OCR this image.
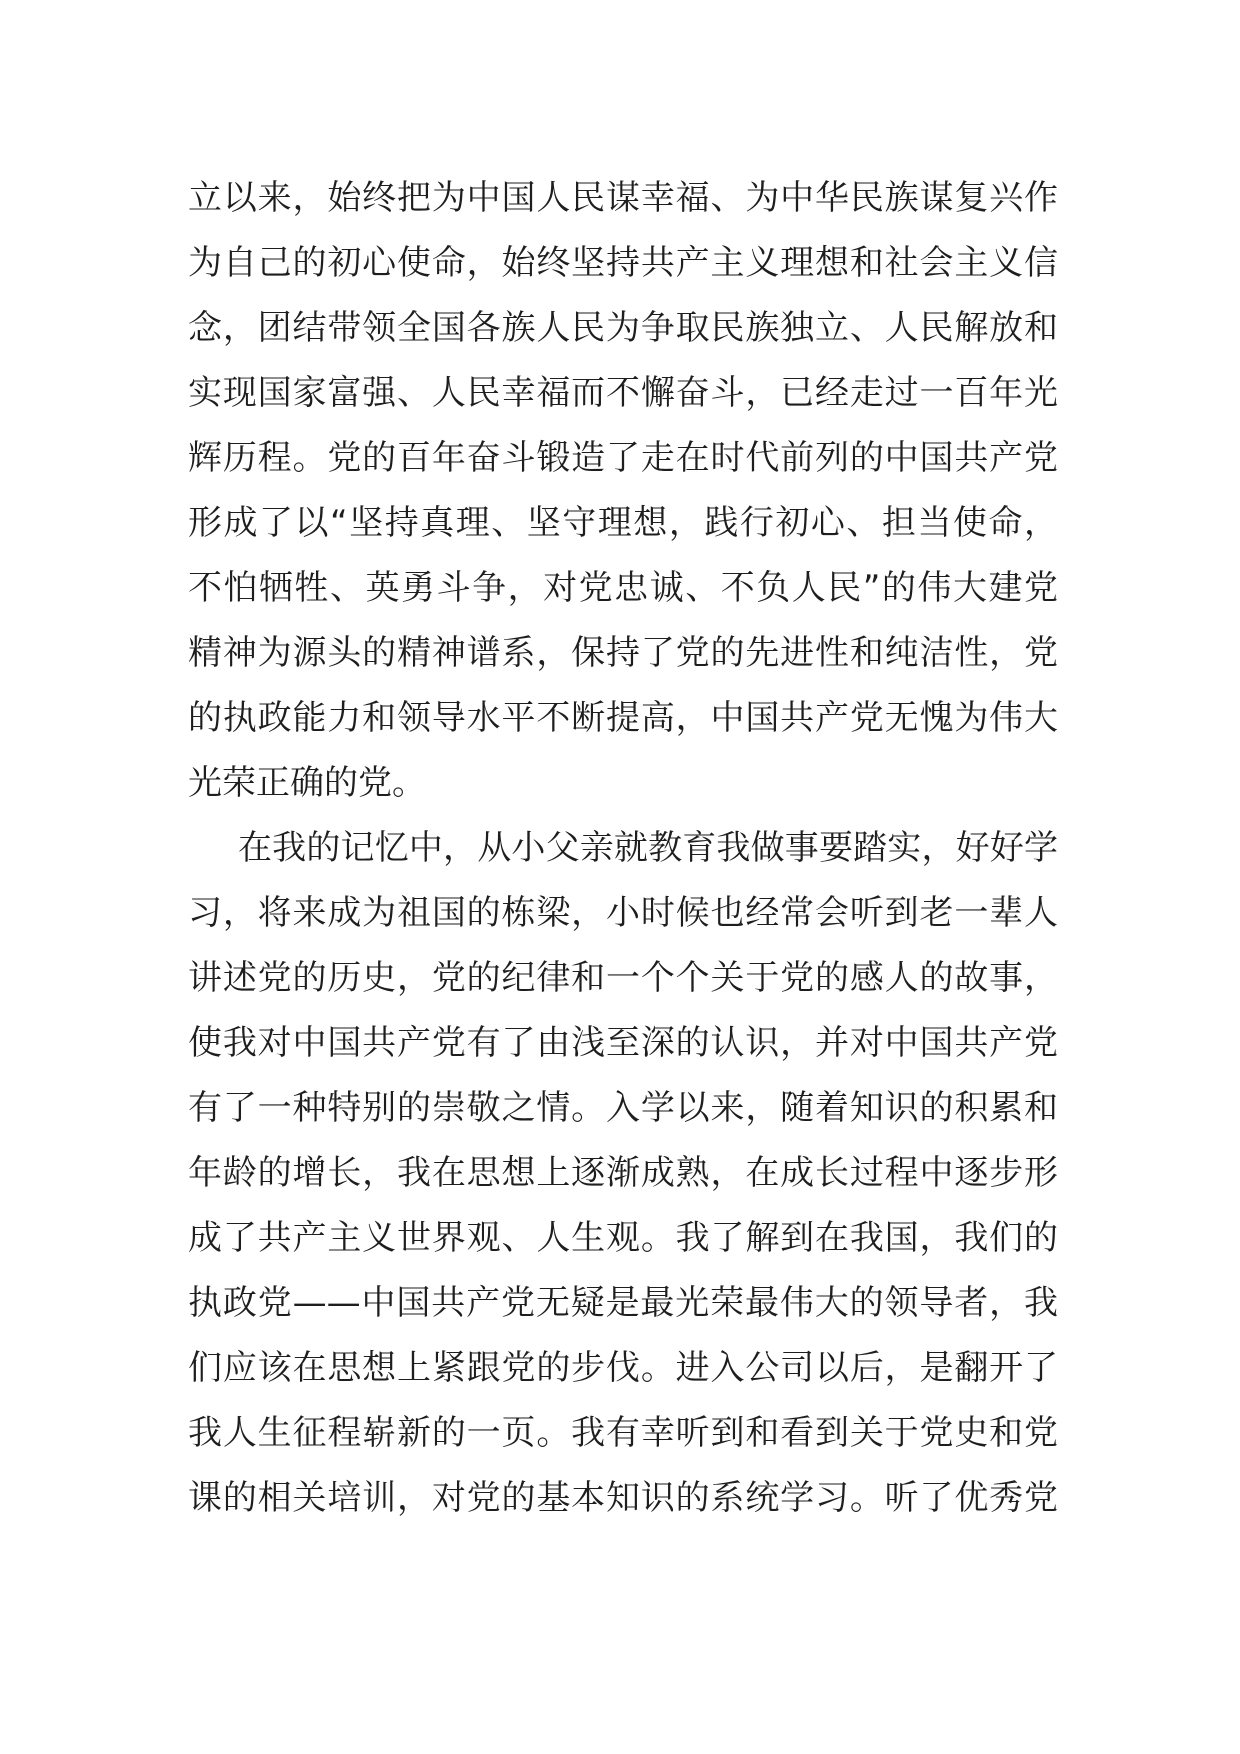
立以来，始终把为中国人民谋幸福、为中华民族谋复兴作
为自己的初心使命，始终坚持共产主义理想和社会主义信
念，团结带领全国各族人民为争取民族独立、人民解放和
实现国家富强、人民幸福而不懈奋斗，已经走过一百年光
辉历程。党的百年奋斗锻造了走在时代前列的中国共产党
形成了以“坚持真理、坚守理想，践行初心、担当使命，
不怕牺牲、英勇斗争，对党忠诚、不负人民”的伟大建党
精神为源头的精神谱系，保持了党的先进性和纯洁性，党
的执政能力和领导水平不断提高，中国共产党无愧为伟大
光荣正确的党。
在我的记忆中，从小父亲就教育我做事要踏实，好好学
习，将来成为祖国的栋梁，小时候也经常会听到老一辈人
讲述党的历史，党的纪律和一个个关于党的感人的故事，
使我对中国共产党有了由浅至深的认识，并对中国共产党
有了一种特别的崇敬之情。入学以来，随着知识的积累和
年龄的增长，我在思想上逐渐成熟，在成长过程中逐步形
成了共产主义世界观、人生观。我了解到在我国，我们的
执政党——中国共产党无疑是最光荣最伟大的领导者，我
们应该在思想上紧跟党的步伐。进入公司以后，是翻开了
我人生征程崭新的一页。我有幸听到和看到关于党史和党
课的相关培训，对党的基本知识的系统学习。听了优秀党
